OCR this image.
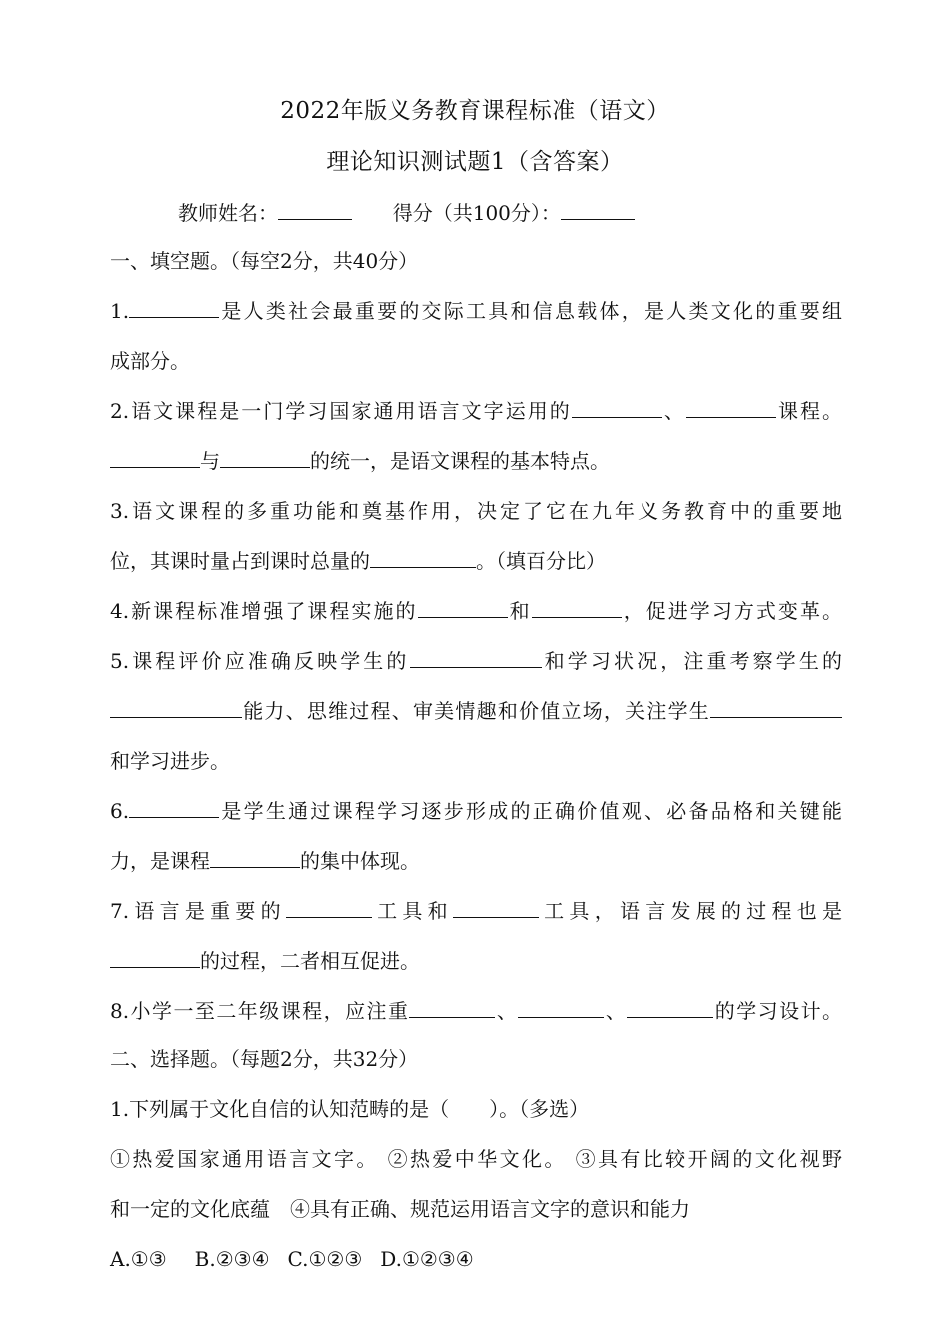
2022年版义务教育课程标准（语文）
理论知识测试题1（含答案）
教师姓名：	得分（共100分）：
一、填空题。（每空2分，共40分）
1.	是人类社会最重要的交际工具和信息载体，是人类文化的重要组
成部分。
2.语文课程是一门学习国家通用语言文字运用的	、	课程。
与	的统一，是语文课程的基本特点。
3.语文课程的多重功能和奠基作用，决定了它在九年义务教育中的重要地
位，其课时量占到课时总量的	。（填百分比）
4.新课程标准增强了课程实施的	和	，促进学习方式变革。
5.课程评价应准确反映学生的	和学习状况，注重考察学生的
能力、思维过程、审美情趣和价值立场，关注学生
和学习进步。
6.	是学生通过课程学习逐步形成的正确价值观、必备品格和关键能
力，是课程	的集中体现。
7.语言是重要的	工具和	工具，语言发展的过程也是
的过程，二者相互促进。
8.小学一至二年级课程，应注重	、	、	的学习设计。
二、选择题。（每题2分，共32分）
1.下列属于文化自信的认知范畴的是（　　）。（多选）
①热爱国家通用语言文字。 ②热爱中华文化。 ③具有比较开阔的文化视野
和一定的文化底蕴　④具有正确、规范运用语言文字的意识和能力
A.①③ B.②③④ C.①②③ D.①②③④
